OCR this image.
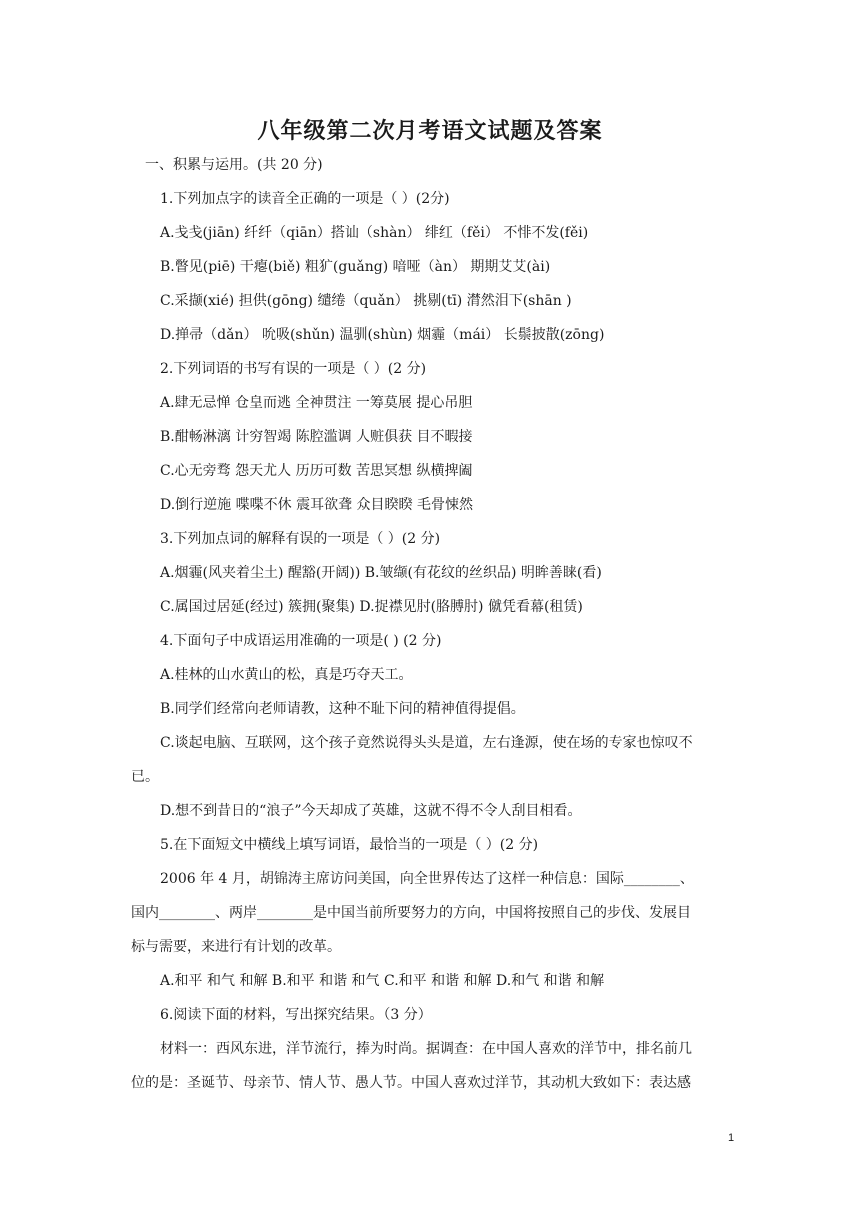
八年级第二次月考语文试题及答案
一、积累与运用。(共 20 分)
1.下列加点字的读音全正确的一项是（ ）(2分)
A.戋戋(jiān) 纤纤（qiān）搭讪（shàn） 绯红（fěi） 不悱不发(fěi)
B.瞥见(piē) 干瘪(biě) 粗犷(guǎng) 喑哑（àn） 期期艾艾(ài)
C.采撷(xié) 担供(gōng) 缱绻（quǎn） 挑剔(tī) 潸然泪下(shān )
D.掸帚（dǎn） 吮吸(shǔn) 温驯(shùn) 烟霾（mái） 长鬃披散(zōng)
2.下列词语的书写有误的一项是（ ）(2 分)
A.肆无忌惮 仓皇而逃 全神贯注 一筹莫展 提心吊胆
B.酣畅淋漓 计穷智竭 陈腔滥调 人赃俱获 目不暇接
C.心无旁骛 怨天尤人 历历可数 苦思冥想 纵横捭阖
D.倒行逆施 喋喋不休 震耳欲聋 众目睽睽 毛骨悚然
3.下列加点词的解释有误的一项是（ ）(2 分)
A.烟霾(风夹着尘土) 醒豁(开阔)) B.皱缬(有花纹的丝织品) 明眸善睐(看)
C.属国过居延(经过) 簇拥(聚集) D.捉襟见肘(胳膊肘) 僦凭看幕(租赁)
4.下面句子中成语运用准确的一项是( ) (2 分)
A.桂林的山水黄山的松，真是巧夺天工。
B.同学们经常向老师请教，这种不耻下问的精神值得提倡。
C.谈起电脑、互联网，这个孩子竟然说得头头是道，左右逢源，使在场的专家也惊叹不
已。
D.想不到昔日的“浪子”今天却成了英雄，这就不得不令人刮目相看。
5.在下面短文中横线上填写词语，最恰当的一项是（ ）(2 分)
2006 年 4 月，胡锦涛主席访问美国，向全世界传达了这样一种信息：国际________、
国内________、两岸________是中国当前所要努力的方向，中国将按照自己的步伐、发展目
标与需要，来进行有计划的改革。
A.和平 和气 和解 B.和平 和谐 和气 C.和平 和谐 和解 D.和气 和谐 和解
6.阅读下面的材料，写出探究结果。（3 分）
材料一：西风东进，洋节流行，捧为时尚。据调查：在中国人喜欢的洋节中，排名前几
位的是：圣诞节、母亲节、情人节、愚人节。中国人喜欢过洋节，其动机大致如下：表达感
1
